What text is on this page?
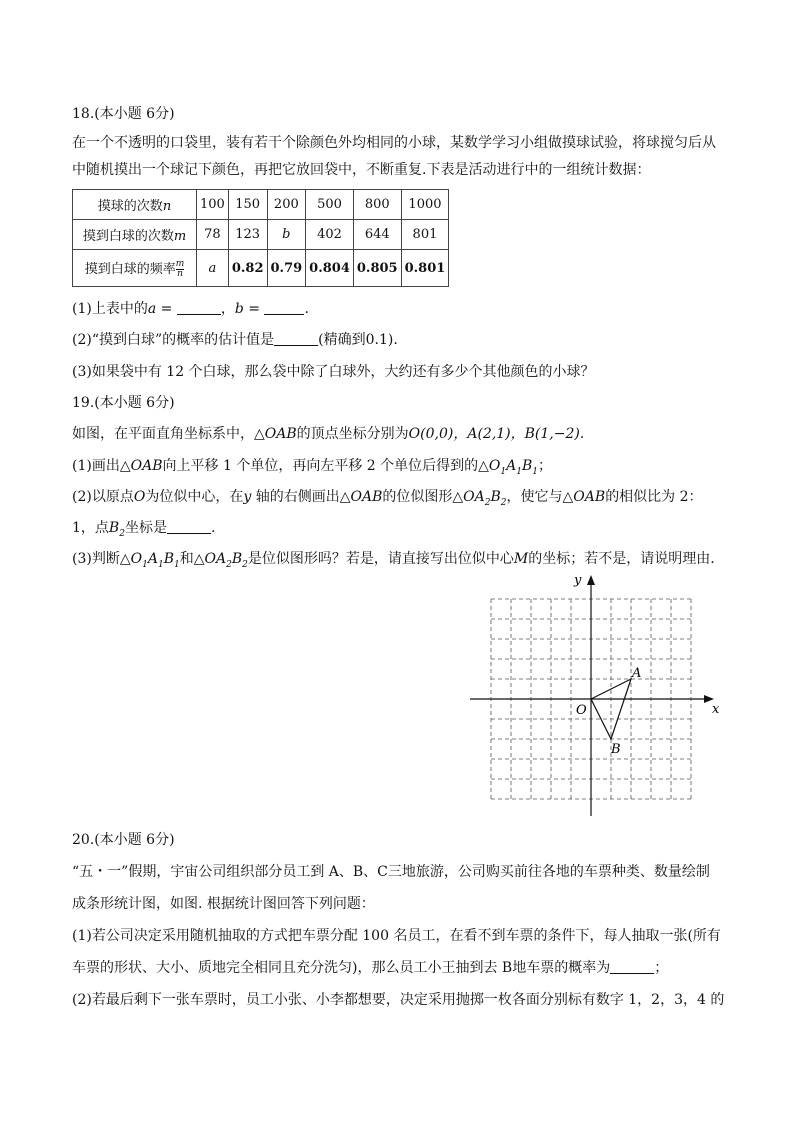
18.(本小题 6分)
在一个不透明的口袋里，装有若干个除颜色外均相同的小球，某数学学习小组做摸球试验，将球搅匀后从
中随机摸出一个球记下颜色，再把它放回袋中，不断重复.下表是活动进行中的一组统计数据：
摸球的次数n	100	150	200	500	800	1000
摸到白球的次数m	78	123	b	402	644	801
摸到白球的频率 $\frac{m}{n}$	a	0.82	0.79	0.804	0.805	0.801
(1)上表中的a =	，b =	.
(2)“摸到白球”的概率的估计值是	(精确到0.1).
(3)如果袋中有 12 个白球，那么袋中除了白球外，大约还有多少个其他颜色的小球？
19.(本小题 6分)
如图，在平面直角坐标系中，△OAB的顶点坐标分别为O(0,0)，A(2,1)，B(1,−2).
(1)画出△OAB向上平移 1 个单位，再向左平移 2 个单位后得到的$\triangle O_1A_1B_1$；
(2)以原点O为位似中心，在y 轴的右侧画出△OAB的位似图形$\triangle OA_2B_2$，使它与△OAB的相似比为 2：
1，点$B_2$坐标是	.
(3)判断$\triangle O_1A_1B_1$和$\triangle OA_2B_2$是位似图形吗？若是，请直接写出位似中心M的坐标；若不是，请说明理由.
x
y
O
A
B
20.(本小题 6分)
“五・一”假期，宇宙公司组织部分员工到 A、B、C三地旅游，公司购买前往各地的车票种类、数量绘制
成条形统计图，如图. 根据统计图回答下列问题：
(1)若公司决定采用随机抽取的方式把车票分配 100 名员工，在看不到车票的条件下，每人抽取一张(所有
车票的形状、大小、质地完全相同且充分洗匀)，那么员工小王抽到去 B地车票的概率为	；
(2)若最后剩下一张车票时，员工小张、小李都想要，决定采用抛掷一枚各面分别标有数字 1，2，3，4 的
